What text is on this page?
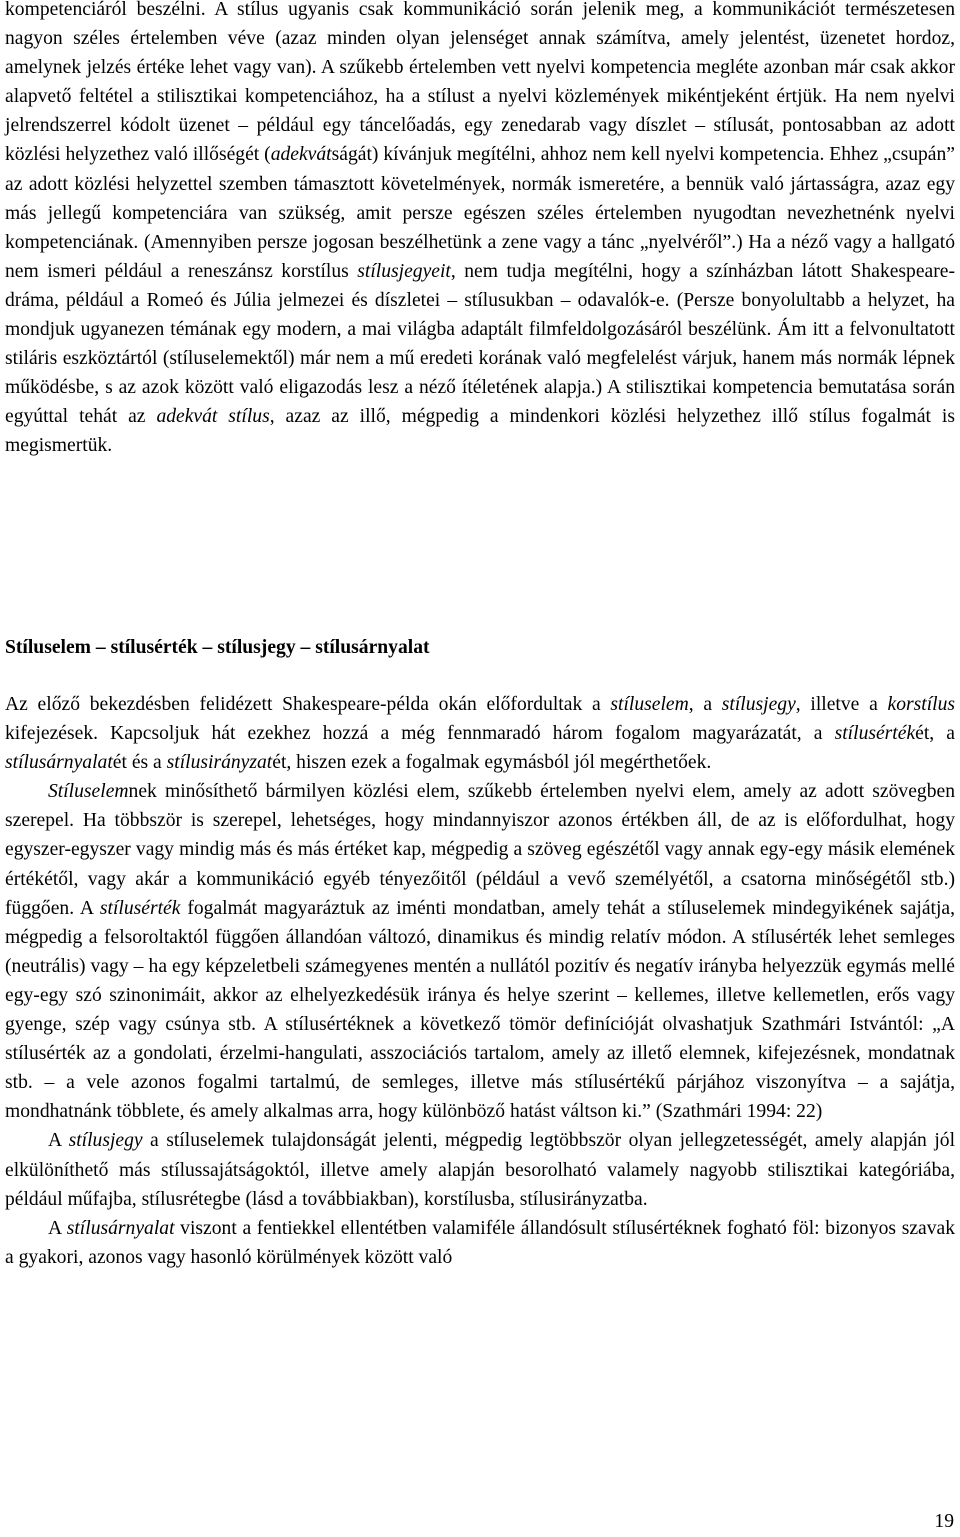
kompetenciáról beszélni. A stílus ugyanis csak kommunikáció során jelenik meg, a kommunikációt természetesen nagyon széles értelemben véve (azaz minden olyan jelenséget annak számítva, amely jelentést, üzenetet hordoz, amelynek jelzés értéke lehet vagy van). A szűkebb értelemben vett nyelvi kompetencia megléte azonban már csak akkor alapvető feltétel a stilisztikai kompetenciához, ha a stílust a nyelvi közlemények mikéntjeként értjük. Ha nem nyelvi jelrendszerrel kódolt üzenet – például egy táncelőadás, egy zenedarab vagy díszlet – stílusát, pontosabban az adott közlési helyzethez való illőségét (adekvátságát) kívánjuk megítélni, ahhoz nem kell nyelvi kompetencia. Ehhez „csupán” az adott közlési helyzettel szemben támasztott követelmények, normák ismeretére, a bennük való jártasságra, azaz egy más jellegű kompetenciára van szükség, amit persze egészen széles értelemben nyugodtan nevezhetnénk nyelvi kompetenciának. (Amennyiben persze jogosan beszélhetünk a zene vagy a tánc „nyelvéről”.) Ha a néző vagy a hallgató nem ismeri például a reneszánsz korstílus stílusjegyeit, nem tudja megítélni, hogy a színházban látott Shakespeare-dráma, például a Romeó és Júlia jelmezei és díszletei – stílusukban – odavalók-e. (Persze bonyolultabb a helyzet, ha mondjuk ugyanezen témának egy modern, a mai világba adaptált filmfeldolgozásáról beszélünk. Ám itt a felvonultatott stiláris eszköztártól (stíluselemektől) már nem a mű eredeti korának való megfelelést várjuk, hanem más normák lépnek működésbe, s az azok között való eligazodás lesz a néző ítéletének alapja.) A stilisztikai kompetencia bemutatása során egyúttal tehát az adekvát stílus, azaz az illő, mégpedig a mindenkori közlési helyzethez illő stílus fogalmát is megismertük.

Stíluselem – stílusérték – stílusjegy – stílusárnyalat

Az előző bekezdésben felidézett Shakespeare-példa okán előfordultak a stíluselem, a stílusjegy, illetve a korstílus kifejezések. Kapcsoljuk hát ezekhez hozzá a még fennmaradó három fogalom magyarázatát, a stílusértékét, a stílusárnyalatét és a stílusirányzatét, hiszen ezek a fogalmak egymásból jól megérthetőek.

Stíluselemnek minősíthető bármilyen közlési elem, szűkebb értelemben nyelvi elem, amely az adott szövegben szerepel. Ha többször is szerepel, lehetséges, hogy mindannyiszor azonos értékben áll, de az is előfordulhat, hogy egyszer-egyszer vagy mindig más és más értéket kap, mégpedig a szöveg egészétől vagy annak egy-egy másik elemének értékétől, vagy akár a kommunikáció egyéb tényezőitől (például a vevő személyétől, a csatorna minőségétől stb.) függően. A stílusérték fogalmát magyaráztuk az iménti mondatban, amely tehát a stíluselemek mindegyikének sajátja, mégpedig a felsoroltaktól függően állandóan változó, dinamikus és mindig relatív módon. A stílusérték lehet semleges (neutrális) vagy – ha egy képzeletbeli számegyenes mentén a nullától pozitív és negatív irányba helyezzük egymás mellé egy-egy szó szinonimáit, akkor az elhelyezkedésük iránya és helye szerint – kellemes, illetve kellemetlen, erős vagy gyenge, szép vagy csúnya stb. A stílusértéknek a következő tömör definícióját olvashatjuk Szathmári Istvántól: „A stílusérték az a gondolati, érzelmi-hangulati, asszociációs tartalom, amely az illető elemnek, kifejezésnek, mondatnak stb. – a vele azonos fogalmi tartalmú, de semleges, illetve más stílusértékű párjához viszonyítva – a sajátja, mondhatnánk többlete, és amely alkalmas arra, hogy különböző hatást váltson ki.” (Szathmári 1994: 22)

A stílusjegy a stíluselemek tulajdonságát jelenti, mégpedig legtöbbször olyan jellegzetességét, amely alapján jól elkülöníthető más stílussajátságoktól, illetve amely alapján besorolható valamely nagyobb stilisztikai kategóriába, például műfajba, stílusrétegbe (lásd a továbbiakban), korstílusba, stílusirányzatba.

A stílusárnyalat viszont a fentiekkel ellentétben valamiféle állandósult stílusértéknek fogható föl: bizonyos szavak a gyakori, azonos vagy hasonló körülmények között való

19
